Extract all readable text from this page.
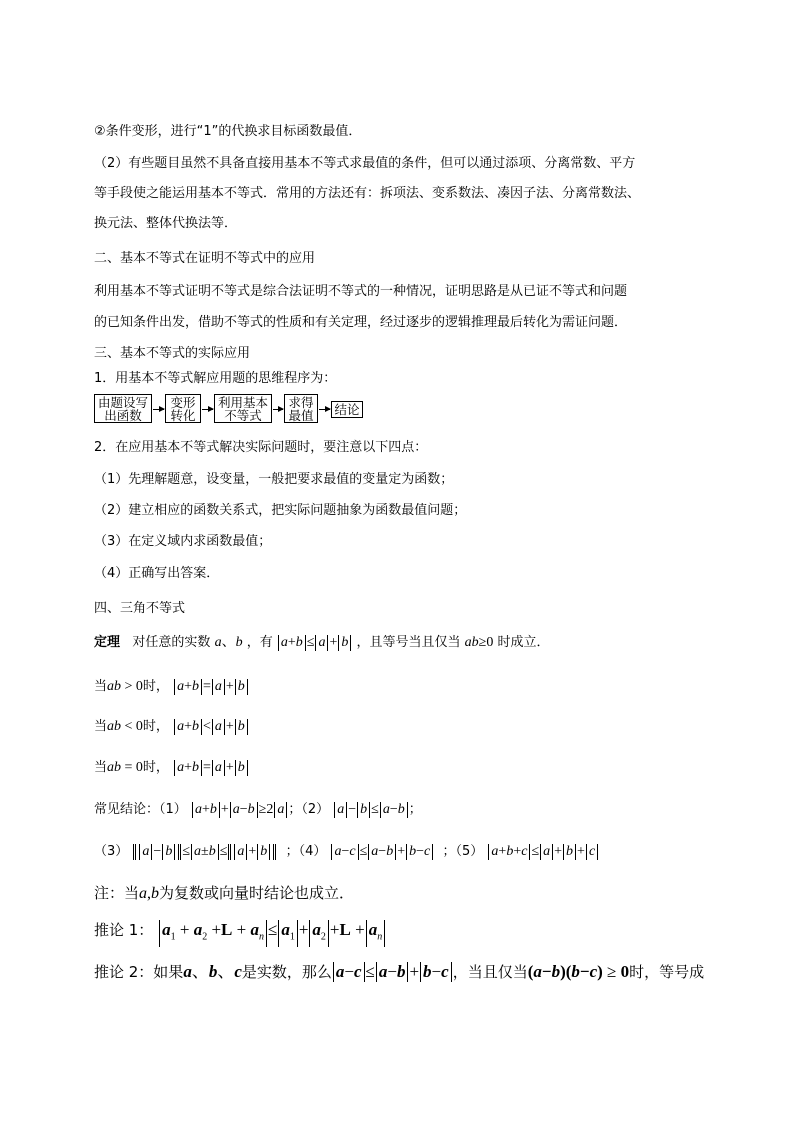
②条件变形，进行“1”的代换求目标函数最值．
（2）有些题目虽然不具备直接用基本不等式求最值的条件，但可以通过添项、分离常数、平方
等手段使之能运用基本不等式．常用的方法还有：拆项法、变系数法、凑因子法、分离常数法、
换元法、整体代换法等．
二、基本不等式在证明不等式中的应用
利用基本不等式证明不等式是综合法证明不等式的一种情况，证明思路是从已证不等式和问题
的已知条件出发，借助不等式的性质和有关定理，经过逐步的逻辑推理最后转化为需证问题．
三、基本不等式的实际应用
1．用基本不等式解应用题的思维程序为：
由题设写
出函数
变形
转化
利用基本
不等式
求得
最值 结论
2．在应用基本不等式解决实际问题时，要注意以下四点：
（1）先理解题意，设变量，一般把要求最值的变量定为函数；
（2）建立相应的函数关系式，把实际问题抽象为函数最值问题；
（3）在定义域内求函数最值；
（4）正确写出答案．
四、三角不等式
定理 对任意的实数 a、b ，有 a+b ≤ a + b ，且等号当且仅当 ab≥0 时成立．
当ab > 0时， a+b = a + b
当ab < 0时， a+b < a + b
当ab = 0时， a+b = a + b
常见结论：（1） a+b + a−b ≥2 a ；（2） a − b ≤ a−b ；
（3） a − b ≤ a±b ≤ a + b ；（4） a−c ≤ a−b + b−c ；（5） a+b+c ≤ a + b + c
注：当a,b为复数或向量时结论也成立．
推论 1： $a_1 + a_2 +L + a_n \le a_1 + a_2 +L + a_n$
推论 2：如果a、b、c是实数，那么 a−c ≤ a−b + b−c ，当且仅当(a−b)(b−c) ≥ 0时，等号成
